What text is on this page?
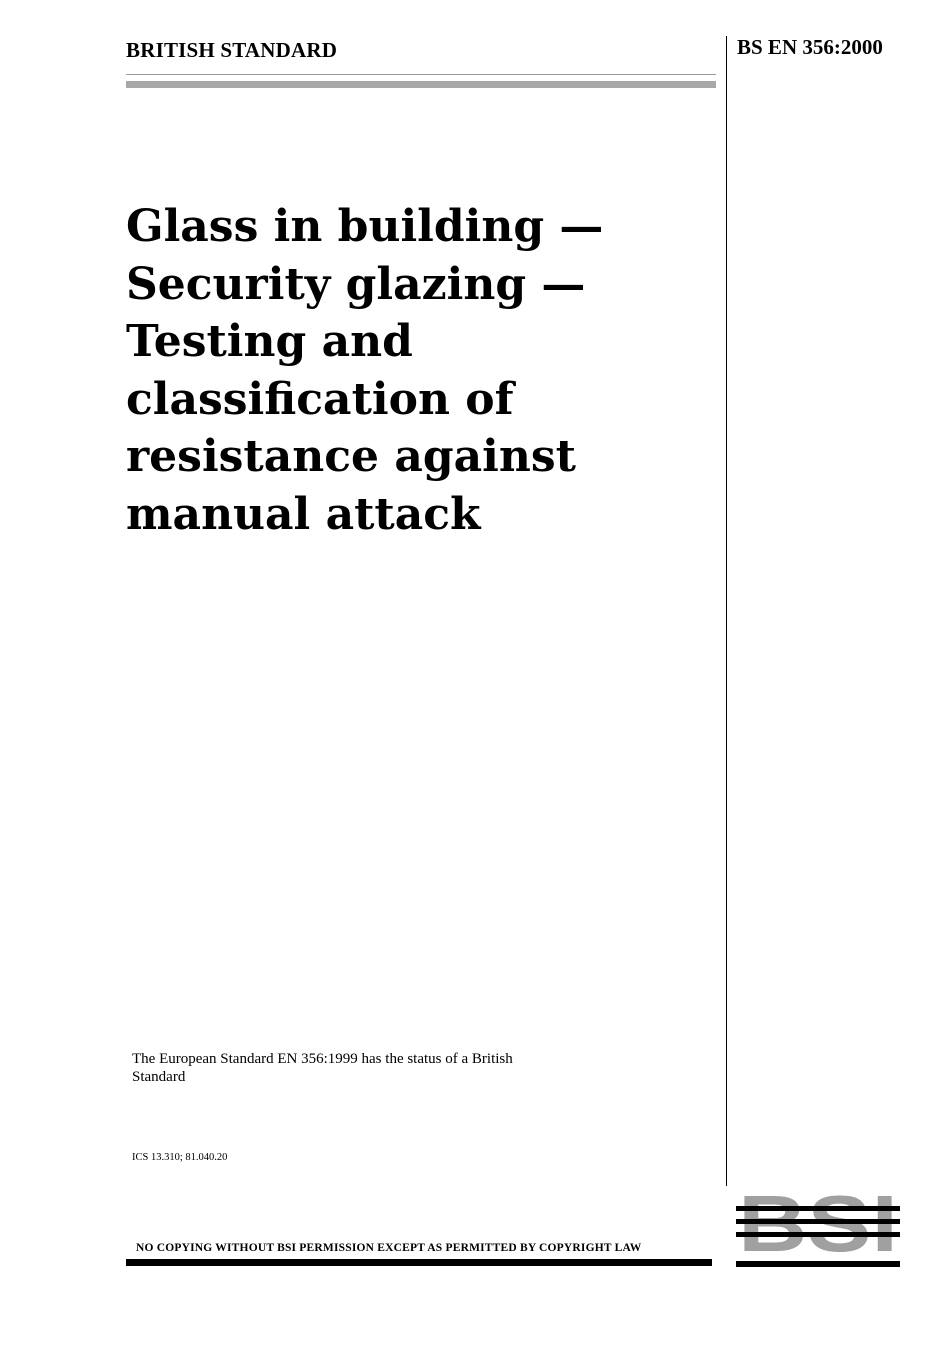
BRITISH STANDARD	BS EN 356:2000
Glass in building —
Security glazing —
Testing and
classification of
resistance against
manual attack
The European Standard EN 356:1999 has the status of a British Standard
ICS 13.310; 81.040.20
NO COPYING WITHOUT BSI PERMISSION EXCEPT AS PERMITTED BY COPYRIGHT LAW
